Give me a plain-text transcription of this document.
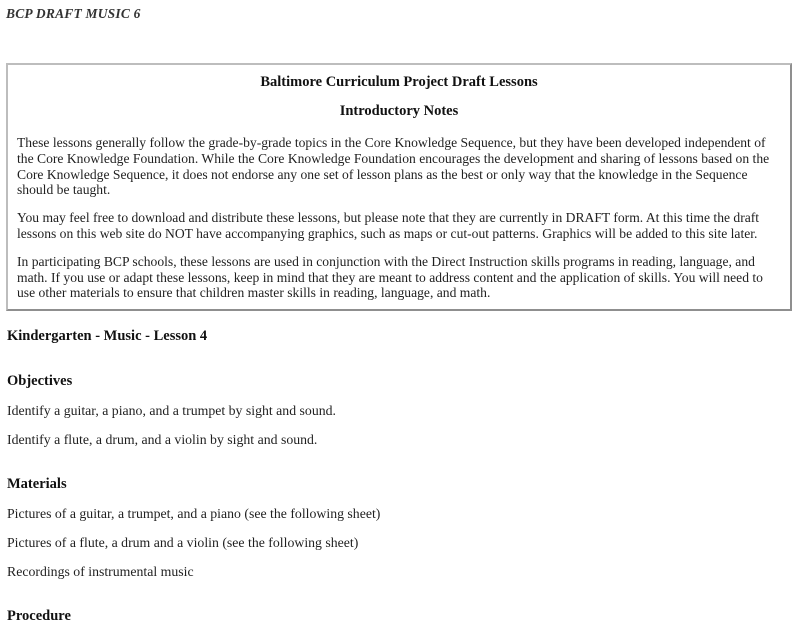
BCP DRAFT MUSIC 6
Baltimore Curriculum Project Draft Lessons
Introductory Notes

These lessons generally follow the grade-by-grade topics in the Core Knowledge Sequence, but they have been developed independent of the Core Knowledge Foundation. While the Core Knowledge Foundation encourages the development and sharing of lessons based on the Core Knowledge Sequence, it does not endorse any one set of lesson plans as the best or only way that the knowledge in the Sequence should be taught.

You may feel free to download and distribute these lessons, but please note that they are currently in DRAFT form. At this time the draft lessons on this web site do NOT have accompanying graphics, such as maps or cut-out patterns. Graphics will be added to this site later.

In participating BCP schools, these lessons are used in conjunction with the Direct Instruction skills programs in reading, language, and math. If you use or adapt these lessons, keep in mind that they are meant to address content and the application of skills. You will need to use other materials to ensure that children master skills in reading, language, and math.

Kindergarten - Music - Lesson 4
Objectives
Identify a guitar, a piano, and a trumpet by sight and sound.
Identify a flute, a drum, and a violin by sight and sound.
Materials
Pictures of a guitar, a trumpet, and a piano (see the following sheet)
Pictures of a flute, a drum and a violin (see the following sheet)
Recordings of instrumental music
Procedure
